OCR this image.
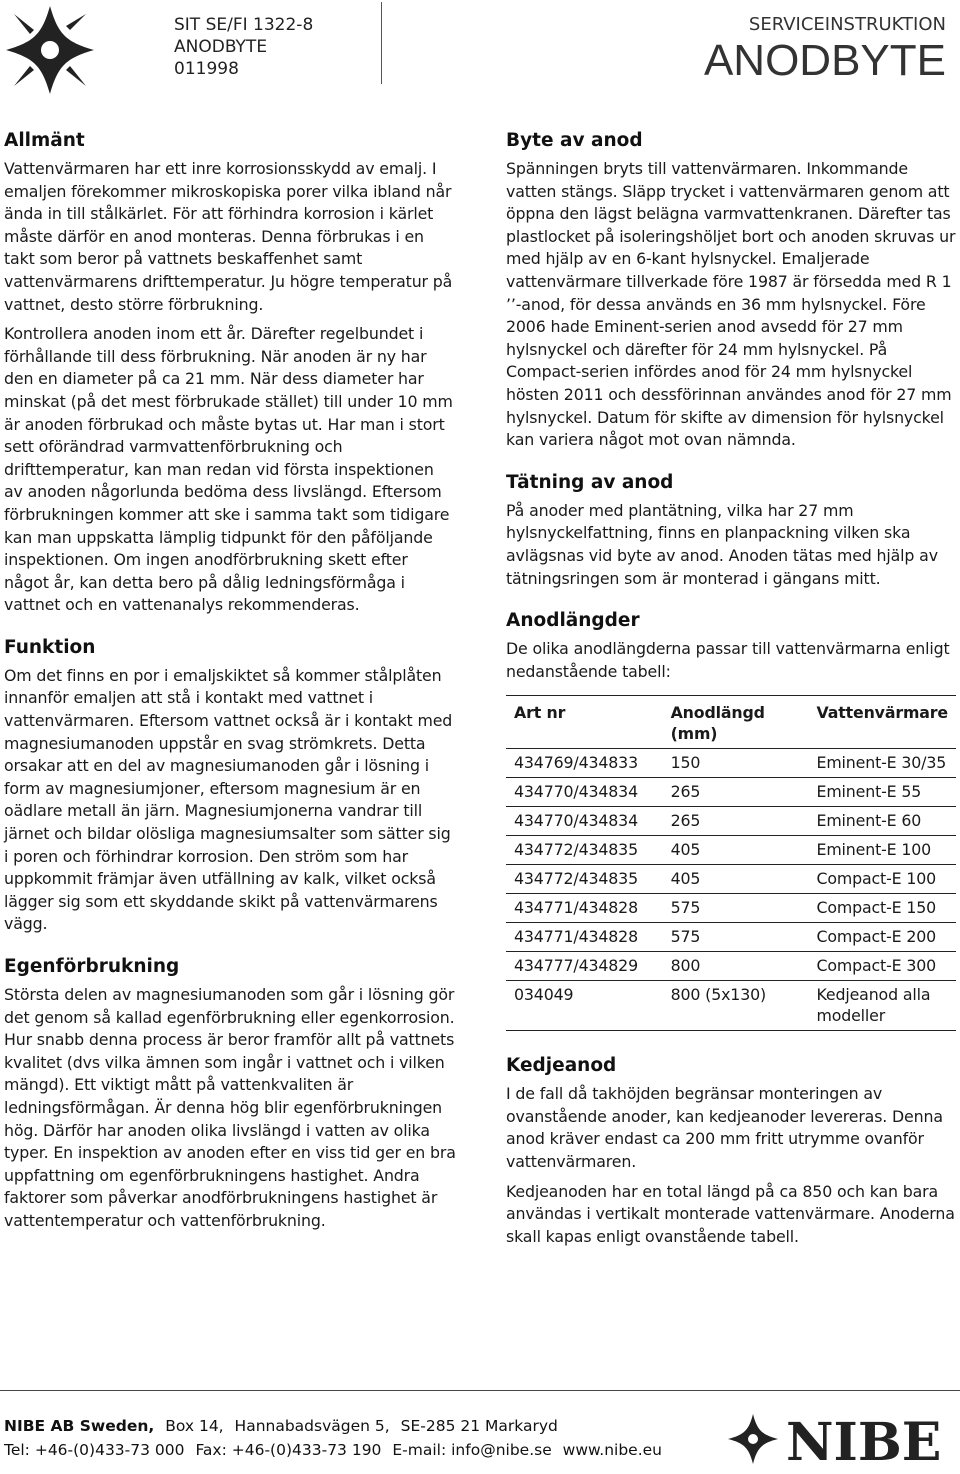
SIT SE/FI 1322-8
ANODBYTE
011998
SERVICEINSTRUKTION
ANODBYTE
Allmänt

Vattenvärmaren har ett inre korrosionsskydd av emalj. I emaljen förekommer mikroskopiska porer vilka ibland når ända in till stålkärlet. För att förhindra korrosion i kärlet måste därför en anod monteras. Denna förbrukas i en takt som beror på vattnets beskaffenhet samt vattenvärmarens drifttemperatur. Ju högre temperatur på vattnet, desto större förbrukning.

Kontrollera anoden inom ett år. Därefter regelbundet i förhållande till dess förbrukning. När anoden är ny har den en diameter på ca 21 mm. När dess diameter har minskat (på det mest förbrukade stället) till under 10 mm är anoden förbrukad och måste bytas ut. Har man i stort sett oförändrad varmvattenförbrukning och drifttemperatur, kan man redan vid första inspektionen av anoden någorlunda bedöma dess livslängd. Eftersom förbrukningen kommer att ske i samma takt som tidigare kan man uppskatta lämplig tidpunkt för den påföljande inspektionen. Om ingen anodförbrukning skett efter något år, kan detta bero på dålig ledningsförmåga i vattnet och en vattenanalys rekommenderas.

Funktion

Om det finns en por i emaljskiktet så kommer stålplåten innanför emaljen att stå i kontakt med vattnet i vattenvärmaren. Eftersom vattnet också är i kontakt med magnesiumanoden uppstår en svag strömkrets. Detta orsakar att en del av magnesiumanoden går i lösning i form av magnesiumjoner, eftersom magnesium är en oädlare metall än järn. Magnesiumjonerna vandrar till järnet och bildar olösliga magnesiumsalter som sätter sig i poren och förhindrar korrosion. Den ström som har uppkommit främjar även utfällning av kalk, vilket också lägger sig som ett skyddande skikt på vattenvärmarens vägg.

Egenförbrukning

Största delen av magnesiumanoden som går i lösning gör det genom så kallad egenförbrukning eller egenkorrosion. Hur snabb denna process är beror framför allt på vattnets kvalitet (dvs vilka ämnen som ingår i vattnet och i vilken mängd). Ett viktigt mått på vattenkvaliten är ledningsförmågan. Är denna hög blir egenförbrukningen hög. Därför har anoden olika livslängd i vatten av olika typer. En inspektion av anoden efter en viss tid ger en bra uppfattning om egenförbrukningens hastighet. Andra faktorer som påverkar anodförbrukningens hastighet är vattentemperatur och vattenförbrukning.

Byte av anod

Spänningen bryts till vattenvärmaren. Inkommande vatten stängs. Släpp trycket i vattenvärmaren genom att öppna den lägst belägna varmvattenkranen. Därefter tas plastlocket på isoleringshöljet bort och anoden skruvas ur med hjälp av en 6-kant hylsnyckel. Emaljerade vattenvärmare tillverkade före 1987 är försedda med R 1 ’’-anod, för dessa används en 36 mm hylsnyckel. Före 2006 hade Eminent-serien anod avsedd för 27 mm hylsnyckel och därefter för 24 mm hylsnyckel. På Compact-serien infördes anod för 24 mm hylsnyckel hösten 2011 och dessförinnan användes anod för 27 mm hylsnyckel. Datum för skifte av dimension för hylsnyckel kan variera något mot ovan nämnda.

Tätning av anod

På anoder med plantätning, vilka har 27 mm hylsnyckelfattning, finns en planpackning vilken ska avlägsnas vid byte av anod. Anoden tätas med hjälp av tätningsringen som är monterad i gängans mitt.

Anodlängder

De olika anodlängderna passar till vattenvärmarna enligt nedanstående tabell:

Art nr	Anodlängd (mm)	Vattenvärmare
434769/434833	150	Eminent-E 30/35
434770/434834	265	Eminent-E 55
434770/434834	265	Eminent-E 60
434772/434835	405	Eminent-E 100
434772/434835	405	Compact-E 100
434771/434828	575	Compact-E 150
434771/434828	575	Compact-E 200
434777/434829	800	Compact-E 300
034049	800 (5x130)	Kedjeanod alla modeller
Kedjeanod

I de fall då takhöjden begränsar monteringen av ovanstående anoder, kan kedjeanoder levereras. Denna anod kräver endast ca 200 mm fritt utrymme ovanför vattenvärmaren.

Kedjeanoden har en total längd på ca 850 och kan bara användas i vertikalt monterade vattenvärmare. Anoderna skall kapas enligt ovanstående tabell.

NIBE AB Sweden, Box 14, Hannabadsvägen 5, SE-285 21 Markaryd
Tel: +46-(0)433-73 000 Fax: +46-(0)433-73 190 E-mail: info@nibe.se www.nibe.eu NIBE
